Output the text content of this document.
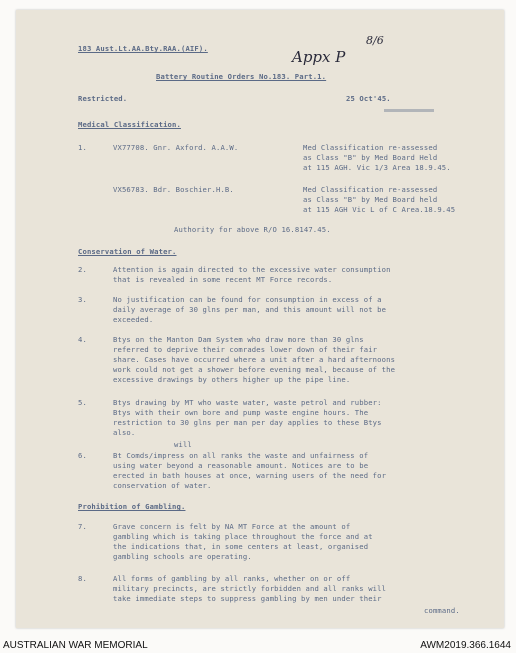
183 Aust.Lt.AA.Bty.RAA.(AIF).	Appx P
8/6
Battery Routine Orders No.183. Part.1.
Restricted.	25 Oct'45.
Medical Classification.
1.	VX77708. Gnr. Axford. A.A.W.	Med Classification re-assessed
as Class "B" by Med Board Held
at 115 AGH. Vic 1/3 Area 18.9.45.
VX56783. Bdr. Boschier.H.B.	Med Classification re-assessed
as Class "B" by Med Board held
at 115 AGH Vic L of C Area.18.9.45
Authority for above R/O 16.8147.45.
Conservation of Water.
2.	Attention is again directed to the excessive water consumption
that is revealed in some recent MT Force records.
3.	No justification can be found for consumption in excess of a
daily average of 30 glns per man, and this amount will not be
exceeded.
4.	Btys on the Manton Dam System who draw more than 30 glns
referred to deprive their comrades lower down of their fair
share. Cases have occurred where a unit after a hard afternoons
work could not get a shower before evening meal, because of the
excessive drawings by others higher up the pipe line.
5.	Btys drawing by MT who waste water, waste petrol and rubber:
Btys with their own bore and pump waste engine hours. The
restriction to 30 glns per man per day applies to these Btys
also.
will
6.	Bt Comds/impress on all ranks the waste and unfairness of
using water beyond a reasonable amount. Notices are to be
erected in bath houses at once, warning users of the need for
conservation of water.
Prohibition of Gambling.
7.	Grave concern is felt by NA MT Force at the amount of
gambling which is taking place throughout the force and at
the indications that, in some centers at least, organised
gambling schools are operating.
8.	All forms of gambling by all ranks, whether on or off
military precincts, are strictly forbidden and all ranks will
take immediate steps to suppress gambling by men under their
command.
AUSTRALIAN WAR MEMORIAL	AWM2019.366.1644
